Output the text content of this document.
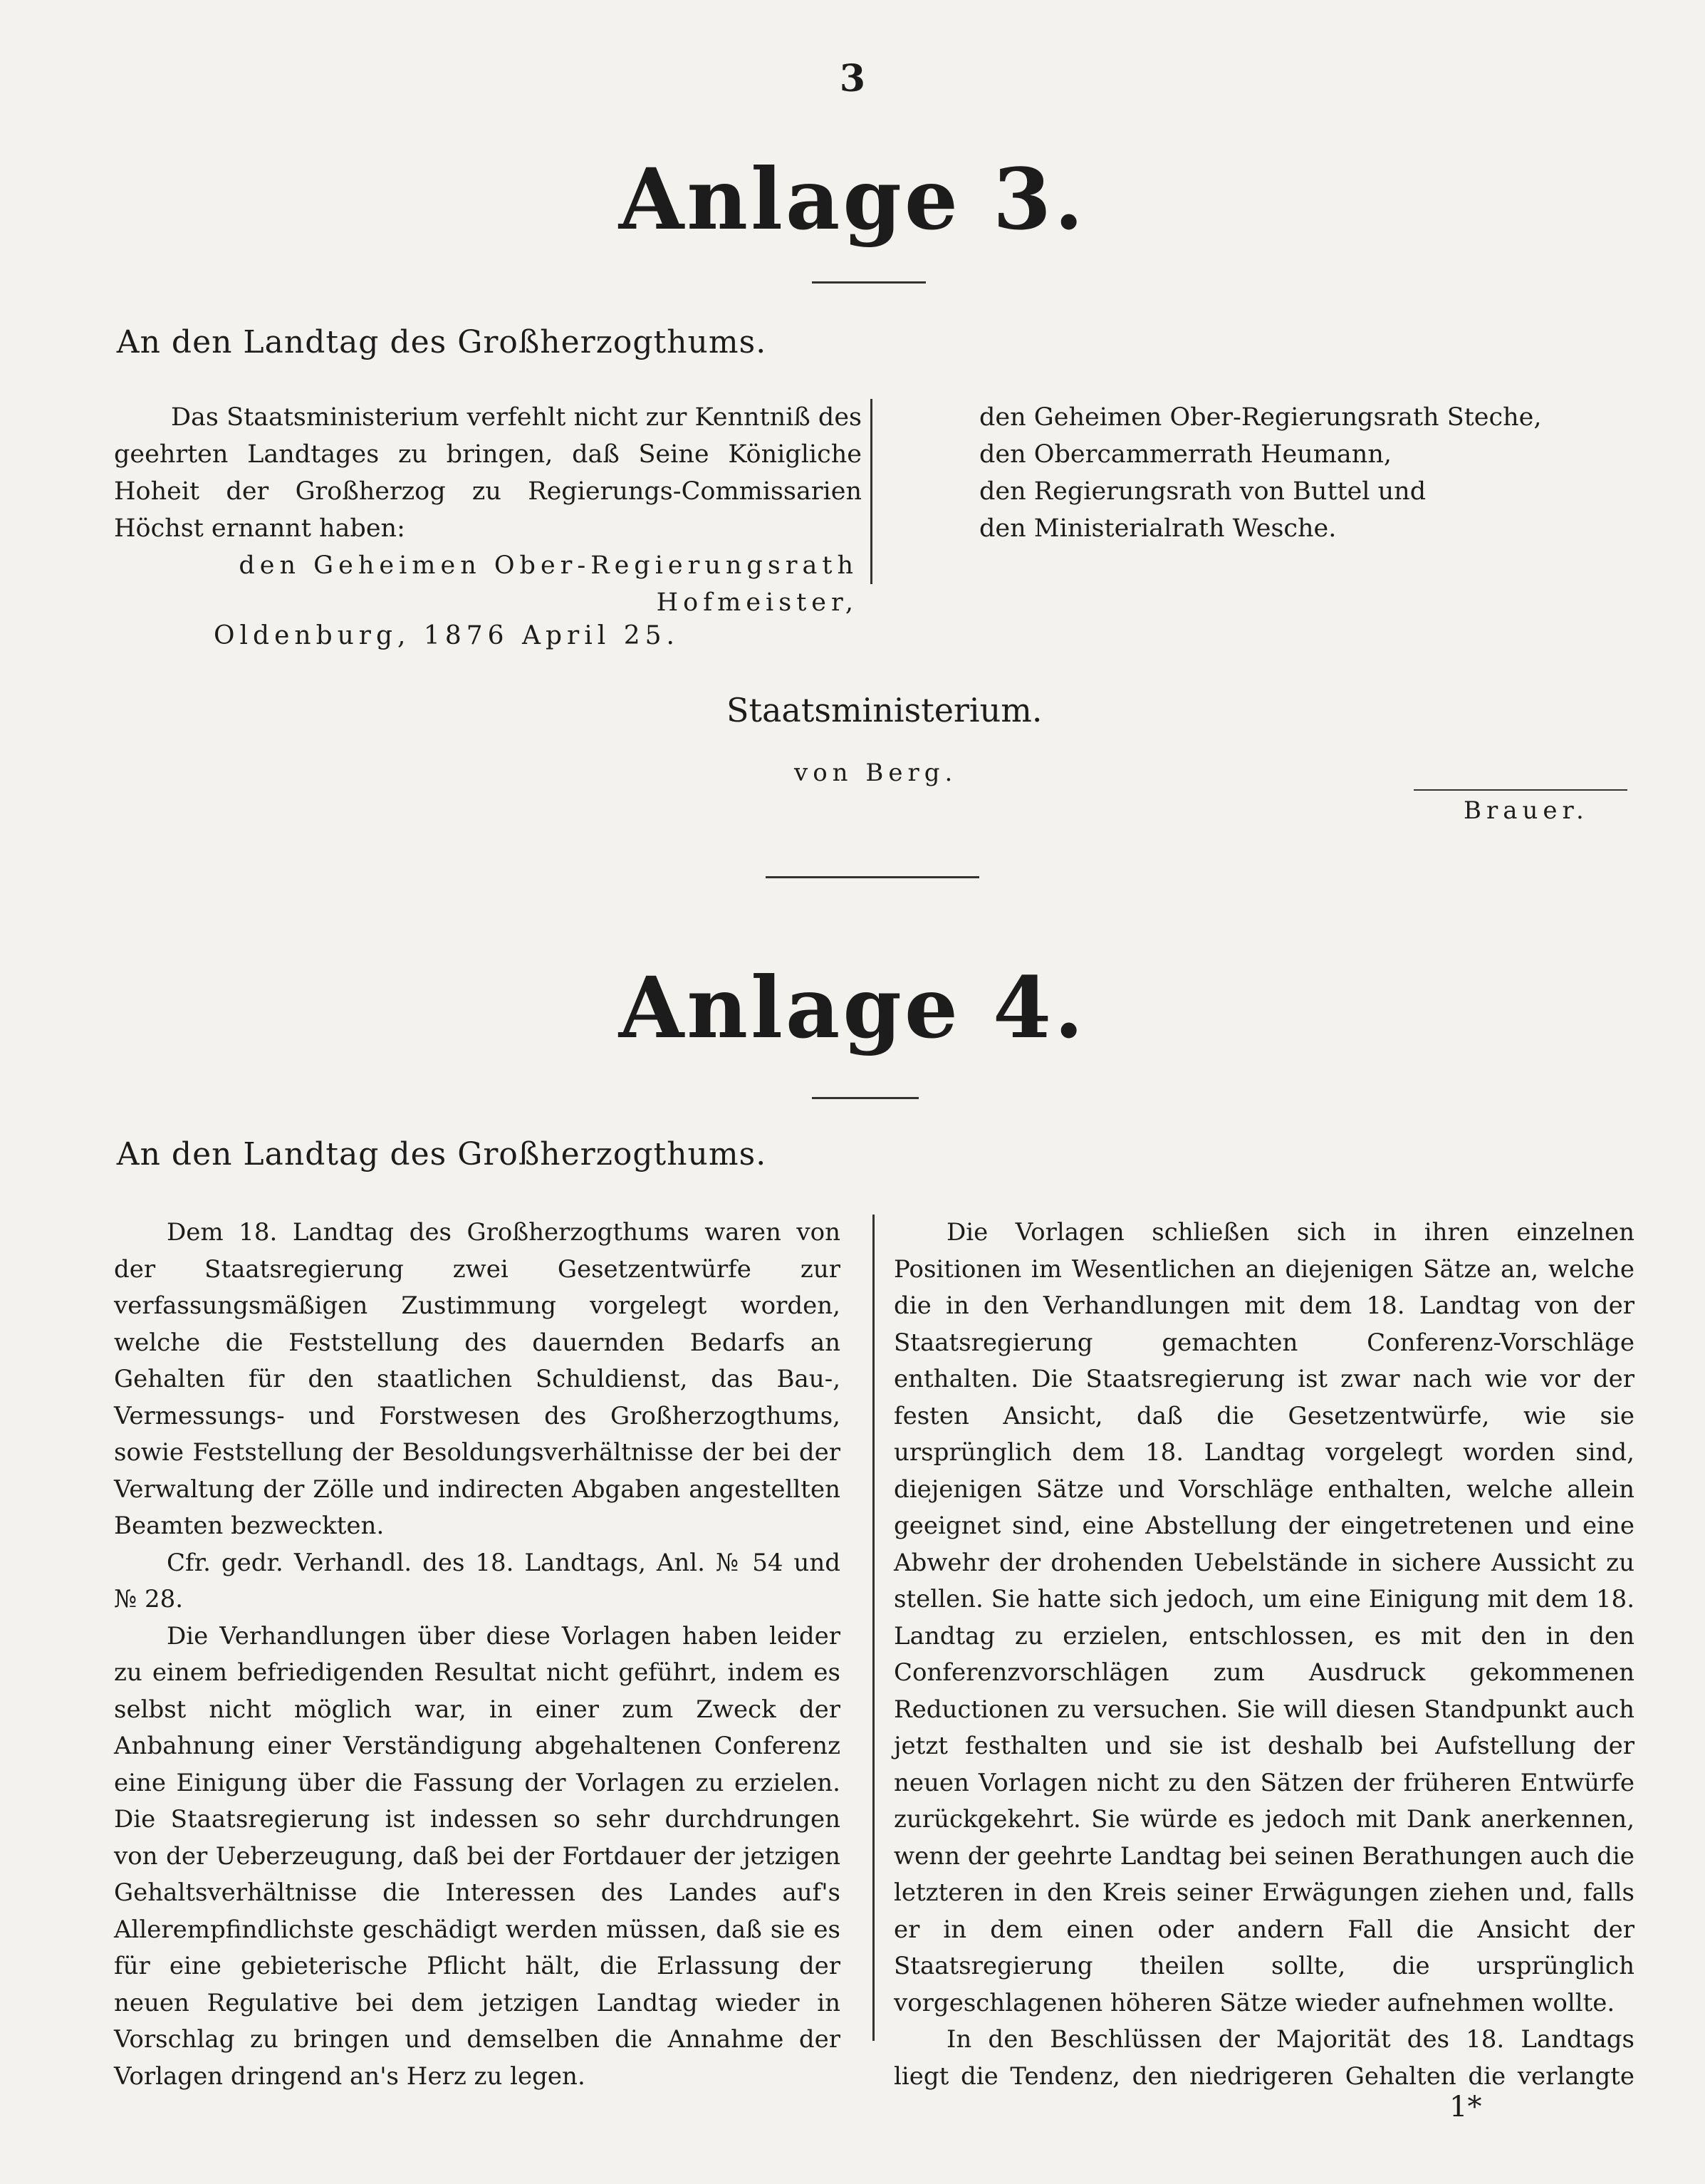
3
Anlage 3.
An den Landtag des Großherzogthums.

Das Staatsministerium verfehlt nicht zur Kenntniß des geehrten Landtages zu bringen, daß Seine Königliche Hoheit der Großherzog zu Regierungs-Commissarien Höchst ernannt haben:

den Geheimen Ober-Regierungsrath Hofmeister,
den Geheimen Ober-Regierungsrath Steche,
den Obercammerrath Heumann,
den Regierungsrath von Buttel und
den Ministerialrath Wesche.
Oldenburg, 1876 April 25.
Staatsministerium.
von Berg.
Brauer.
Anlage 4.
An den Landtag des Großherzogthums.

Dem 18. Landtag des Großherzogthums waren von der Staatsregierung zwei Gesetzentwürfe zur verfassungsmäßigen Zustimmung vorgelegt worden, welche die Feststellung des dauernden Bedarfs an Gehalten für den staatlichen Schuldienst, das Bau-, Vermessungs- und Forstwesen des Großherzogthums, sowie Feststellung der Besoldungsverhältnisse der bei der Verwaltung der Zölle und indirecten Abgaben angestellten Beamten bezweckten.

Cfr. gedr. Verhandl. des 18. Landtags, Anl. № 54 und № 28.

Die Verhandlungen über diese Vorlagen haben leider zu einem befriedigenden Resultat nicht geführt, indem es selbst nicht möglich war, in einer zum Zweck der Anbahnung einer Verständigung abgehaltenen Conferenz eine Einigung über die Fassung der Vorlagen zu erzielen. Die Staatsregierung ist indessen so sehr durchdrungen von der Ueberzeugung, daß bei der Fortdauer der jetzigen Gehaltsverhältnisse die Interessen des Landes auf's Allerempfindlichste geschädigt werden müssen, daß sie es für eine gebieterische Pflicht hält, die Erlassung der neuen Regulative bei dem jetzigen Landtag wieder in Vorschlag zu bringen und demselben die Annahme der Vorlagen dringend an's Herz zu legen.

Die Vorlagen schließen sich in ihren einzelnen Positionen im Wesentlichen an diejenigen Sätze an, welche die in den Verhandlungen mit dem 18. Landtag von der Staatsregierung gemachten Conferenz-Vorschläge enthalten. Die Staatsregierung ist zwar nach wie vor der festen Ansicht, daß die Gesetzentwürfe, wie sie ursprünglich dem 18. Landtag vorgelegt worden sind, diejenigen Sätze und Vorschläge enthalten, welche allein geeignet sind, eine Abstellung der eingetretenen und eine Abwehr der drohenden Uebelstände in sichere Aussicht zu stellen. Sie hatte sich jedoch, um eine Einigung mit dem 18. Landtag zu erzielen, entschlossen, es mit den in den Conferenzvorschlägen zum Ausdruck gekommenen Reductionen zu versuchen. Sie will diesen Standpunkt auch jetzt festhalten und sie ist deshalb bei Aufstellung der neuen Vorlagen nicht zu den Sätzen der früheren Entwürfe zurückgekehrt. Sie würde es jedoch mit Dank anerkennen, wenn der geehrte Landtag bei seinen Berathungen auch die letzteren in den Kreis seiner Erwägungen ziehen und, falls er in dem einen oder andern Fall die Ansicht der Staatsregierung theilen sollte, die ursprünglich vorgeschlagenen höheren Sätze wieder aufnehmen wollte.

In den Beschlüssen der Majorität des 18. Landtags liegt die Tendenz, den niedrigeren Gehalten die verlangte

1*
